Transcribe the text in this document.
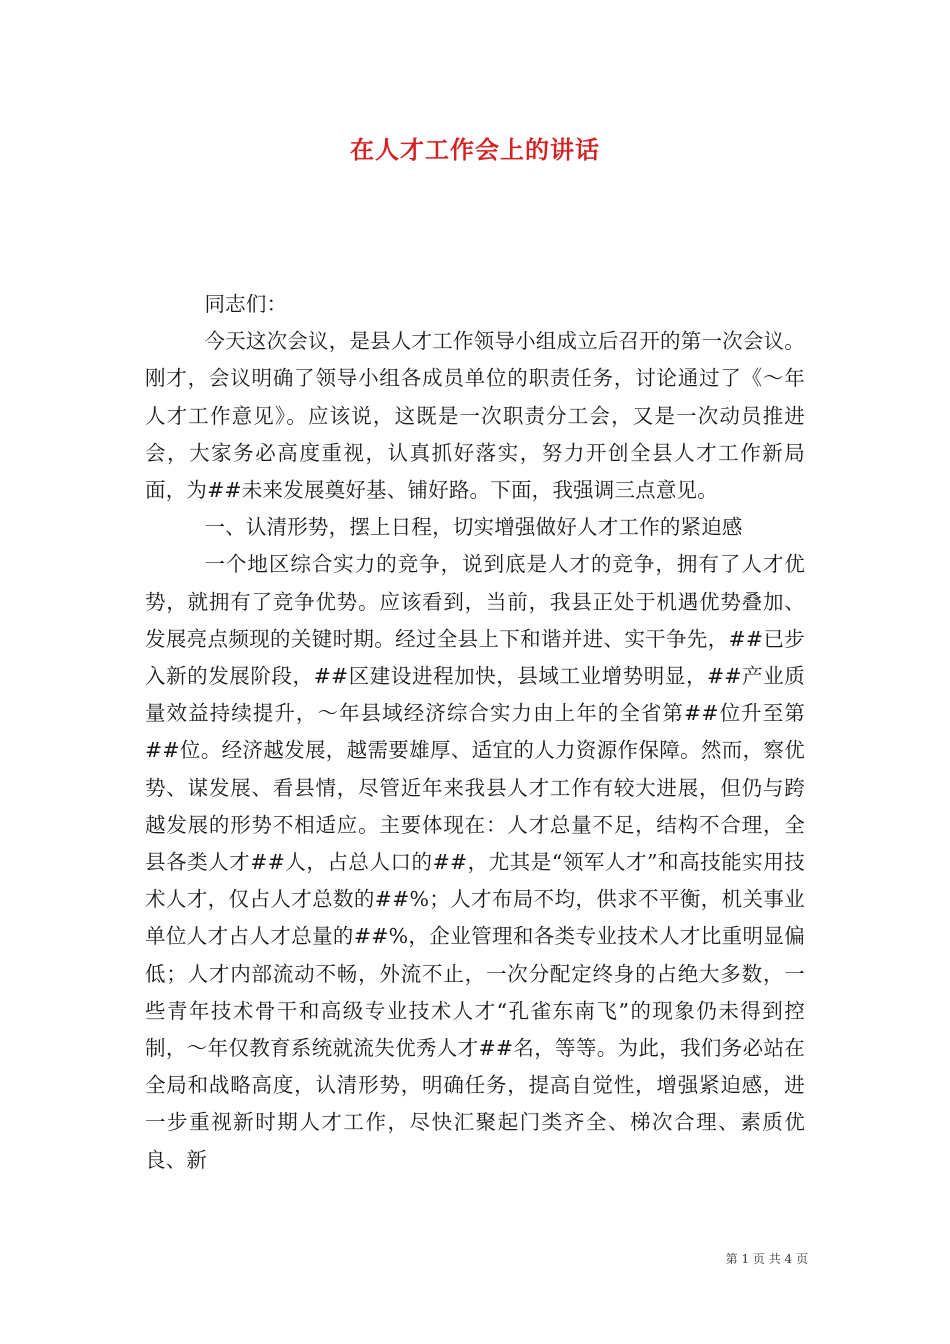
在人才工作会上的讲话

同志们：

今天这次会议，是县人才工作领导小组成立后召开的第一次会议。刚才，会议明确了领导小组各成员单位的职责任务，讨论通过了《～年人才工作意见》。应该说，这既是一次职责分工会，又是一次动员推进会，大家务必高度重视，认真抓好落实，努力开创全县人才工作新局面，为##未来发展奠好基、铺好路。下面，我强调三点意见。

一、认清形势，摆上日程，切实增强做好人才工作的紧迫感

一个地区综合实力的竞争，说到底是人才的竞争，拥有了人才优势，就拥有了竞争优势。应该看到，当前，我县正处于机遇优势叠加、发展亮点频现的关键时期。经过全县上下和谐并进、实干争先，##已步入新的发展阶段，##区建设进程加快，县域工业增势明显，##产业质量效益持续提升，～年县域经济综合实力由上年的全省第##位升至第##位。经济越发展，越需要雄厚、适宜的人力资源作保障。然而，察优势、谋发展、看县情，尽管近年来我县人才工作有较大进展，但仍与跨越发展的形势不相适应。主要体现在：人才总量不足，结构不合理，全县各类人才##人，占总人口的##，尤其是“领军人才”和高技能实用技术人才，仅占人才总数的##%；人才布局不均，供求不平衡，机关事业单位人才占人才总量的##%，企业管理和各类专业技术人才比重明显偏低；人才内部流动不畅，外流不止，一次分配定终身的占绝大多数，一些青年技术骨干和高级专业技术人才“孔雀东南飞”的现象仍未得到控制，～年仅教育系统就流失优秀人才##名，等等。为此，我们务必站在全局和战略高度，认清形势，明确任务，提高自觉性，增强紧迫感，进一步重视新时期人才工作，尽快汇聚起门类齐全、梯次合理、素质优良、新

第 1 页 共 4 页
